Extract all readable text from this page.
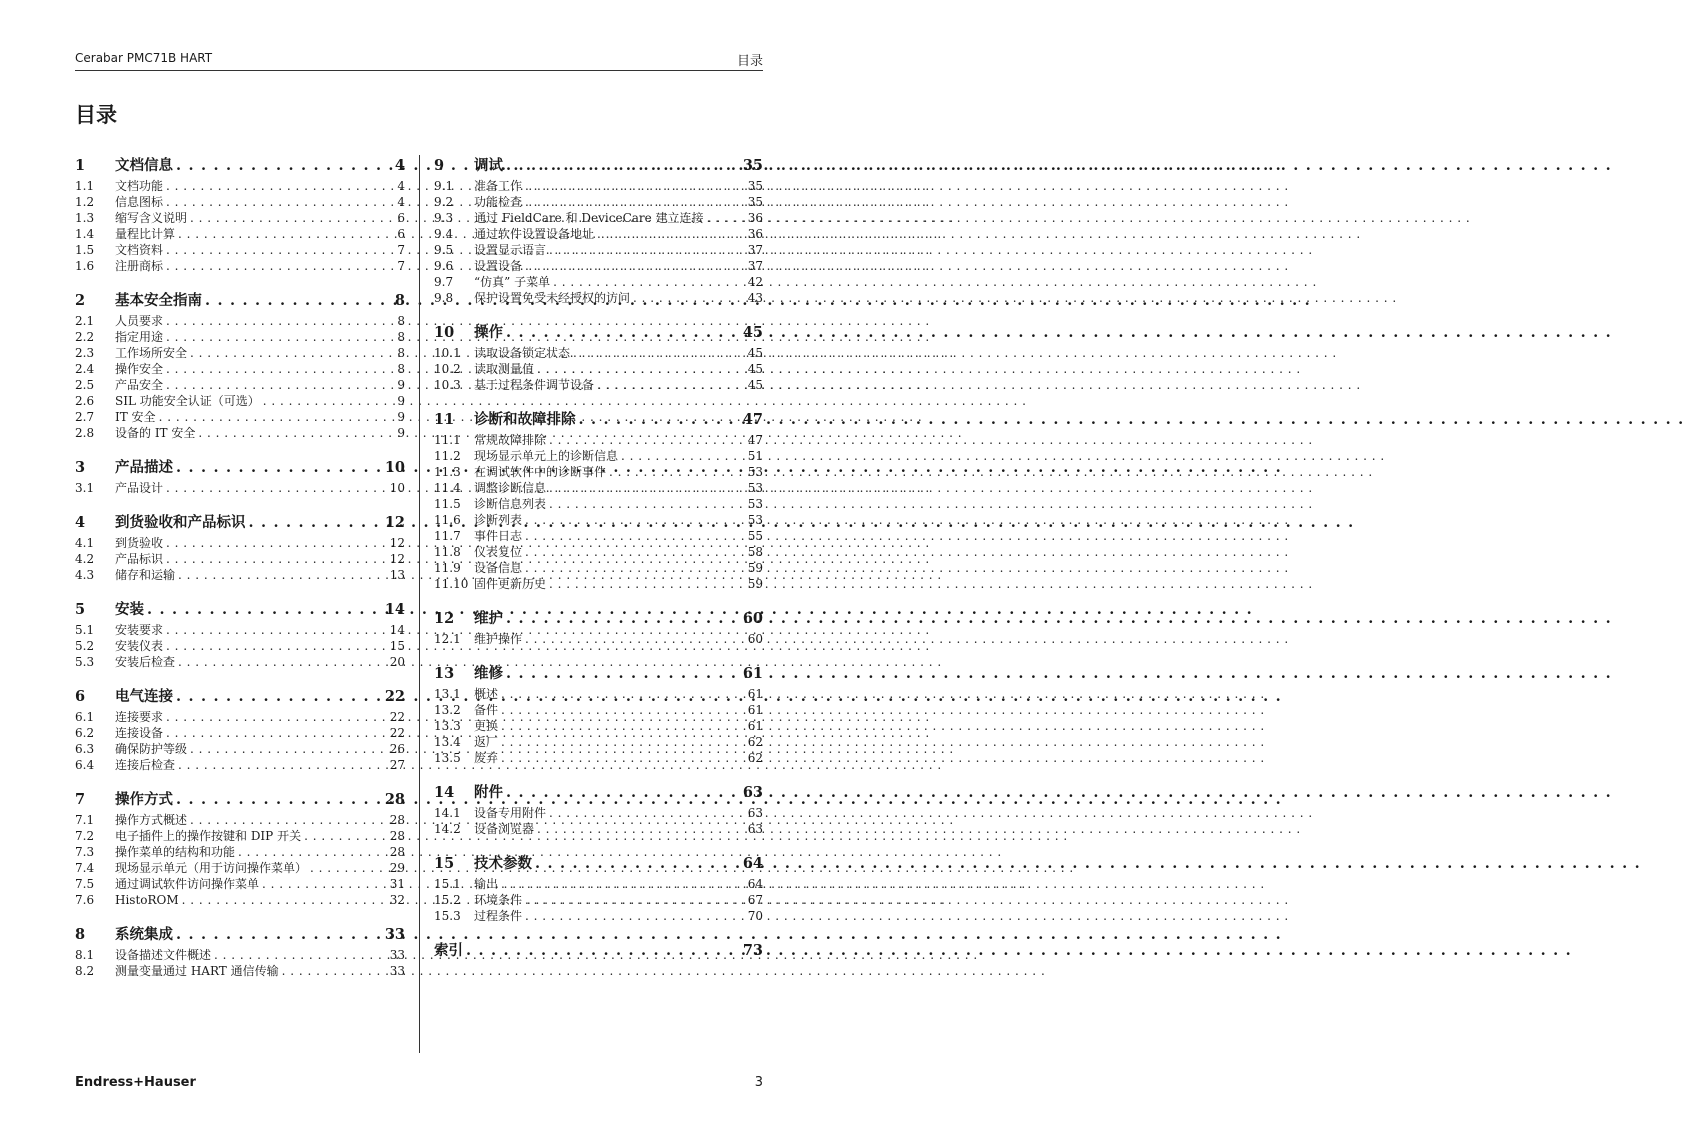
Cerabar PMC71B HART	目录
目录
1	文档信息 . . .	4
1.1	文档功能 . . .	4
1.2	信息图标 . . .	4
1.3	缩写含义说明 . . .	6
1.4	量程比计算 . . .	6
1.5	文档资料 . . .	7
1.6	注册商标 . . .	7
2	基本安全指南 . . .	8
2.1	人员要求 . . .	8
2.2	指定用途 . . .	8
2.3	工作场所安全 . . .	8
2.4	操作安全 . . .	8
2.5	产品安全 . . .	9
2.6	SIL 功能安全认证（可选） . . .	9
2.7	IT 安全 . . .	9
2.8	设备的 IT 安全 . . .	9
3	产品描述 . . .	10
3.1	产品设计 . . .	10
4	到货验收和产品标识 . . .	12
4.1	到货验收 . . .	12
4.2	产品标识 . . .	12
4.3	储存和运输 . . .	13
5	安装 . . .	14
5.1	安装要求 . . .	14
5.2	安装仪表 . . .	15
5.3	安装后检查 . . .	20
6	电气连接 . . .	22
6.1	连接要求 . . .	22
6.2	连接设备 . . .	22
6.3	确保防护等级 . . .	26
6.4	连接后检查 . . .	27
7	操作方式 . . .	28
7.1	操作方式概述 . . .	28
7.2	电子插件上的操作按键和 DIP 开关 . . .	28
7.3	操作菜单的结构和功能 . . .	28
7.4	现场显示单元（用于访问操作菜单） . . .	29
7.5	通过调试软件访问操作菜单 . . .	31
7.6	HistoROM . . .	32
8	系统集成 . . .	33
8.1	设备描述文件概述 . . .	33
8.2	测量变量通过 HART 通信传输 . . .	33
9	调试 . . .	35
9.1	准备工作 . . .	35
9.2	功能检查 . . .	35
9.3	通过 FieldCare 和 DeviceCare 建立连接 . . .	36
9.4	通过软件设置设备地址 . . .	36
9.5	设置显示语言 . . .	37
9.6	设置设备 . . .	37
9.7	“仿真” 子菜单 . . .	42
9.8	保护设置免受未经授权的访问 . . .	43
10	操作 . . .	45
10.1	读取设备锁定状态 . . .	45
10.2	读取测量值 . . .	45
10.3	基于过程条件调节设备 . . .	45
11	诊断和故障排除 . . .	47
11.1	常规故障排除 . . .	47
11.2	现场显示单元上的诊断信息 . . .	51
11.3	在调试软件中的诊断事件 . . .	53
11.4	调整诊断信息 . . .	53
11.5	诊断信息列表 . . .	53
11.6	诊断列表 . . .	53
11.7	事件日志 . . .	55
11.8	仪表复位 . . .	58
11.9	设备信息 . . .	59
11.10 固件更新历史 . . .	59
12	维护 . . .	60
12.1	维护操作 . . .	60
13	维修 . . .	61
13.1	概述 . . .	61
13.2	备件 . . .	61
13.3	更换 . . .	61
13.4	返厂 . . .	62
13.5	废弃 . . .	62
14	附件 . . .	63
14.1	设备专用附件 . . .	63
14.2	设备浏览器 . . .	63
15	技术参数 . . .	64
15.1	输出 . . .	64
15.2	环境条件 . . .	67
15.3	过程条件 . . .	70
索引 . . .	73
Endress+Hauser	3
